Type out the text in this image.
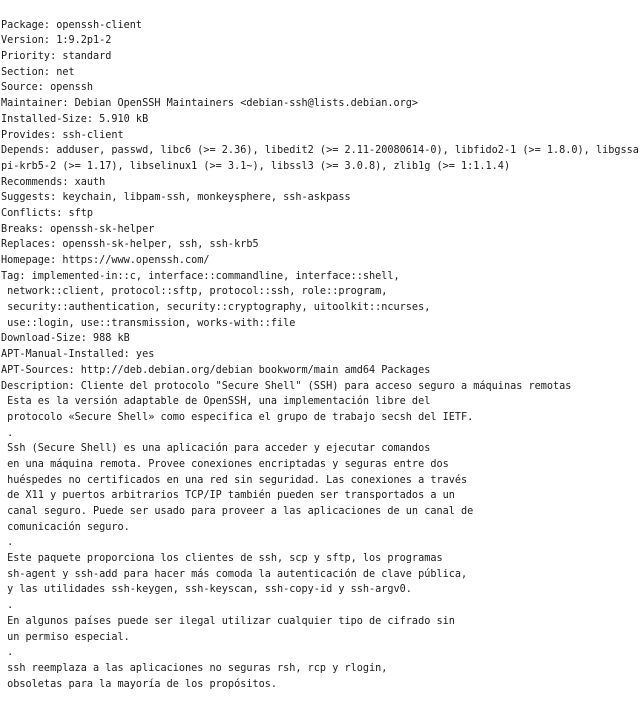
Package: openssh-client
Version: 1:9.2p1-2
Priority: standard
Section: net
Source: openssh
Maintainer: Debian OpenSSH Maintainers <debian-ssh@lists.debian.org>
Installed-Size: 5.910 kB
Provides: ssh-client
Depends: adduser, passwd, libc6 (>= 2.36), libedit2 (>= 2.11-20080614-0), libfido2-1 (>= 1.8.0), libgssa
pi-krb5-2 (>= 1.17), libselinux1 (>= 3.1~), libssl3 (>= 3.0.8), zlib1g (>= 1:1.1.4)
Recommends: xauth
Suggests: keychain, libpam-ssh, monkeysphere, ssh-askpass
Conflicts: sftp
Breaks: openssh-sk-helper
Replaces: openssh-sk-helper, ssh, ssh-krb5
Homepage: https://www.openssh.com/
Tag: implemented-in::c, interface::commandline, interface::shell,
network::client, protocol::sftp, protocol::ssh, role::program,
security::authentication, security::cryptography, uitoolkit::ncurses,
use::login, use::transmission, works-with::file
Download-Size: 988 kB
APT-Manual-Installed: yes
APT-Sources: http://deb.debian.org/debian bookworm/main amd64 Packages
Description: Cliente del protocolo "Secure Shell" (SSH) para acceso seguro a máquinas remotas
Esta es la versión adaptable de OpenSSH, una implementación libre del
protocolo «Secure Shell» como especifica el grupo de trabajo secsh del IETF.
.
Ssh (Secure Shell) es una aplicación para acceder y ejecutar comandos
en una máquina remota. Provee conexiones encriptadas y seguras entre dos
huéspedes no certificados en una red sin seguridad. Las conexiones a través
de X11 y puertos arbitrarios TCP/IP también pueden ser transportados a un
canal seguro. Puede ser usado para proveer a las aplicaciones de un canal de
comunicación seguro.
.
Este paquete proporciona los clientes de ssh, scp y sftp, los programas
sh-agent y ssh-add para hacer más comoda la autenticación de clave pública,
y las utilidades ssh-keygen, ssh-keyscan, ssh-copy-id y ssh-argv0.
.
En algunos países puede ser ilegal utilizar cualquier tipo de cifrado sin
un permiso especial.
.
ssh reemplaza a las aplicaciones no seguras rsh, rcp y rlogin,
obsoletas para la mayoría de los propósitos.
